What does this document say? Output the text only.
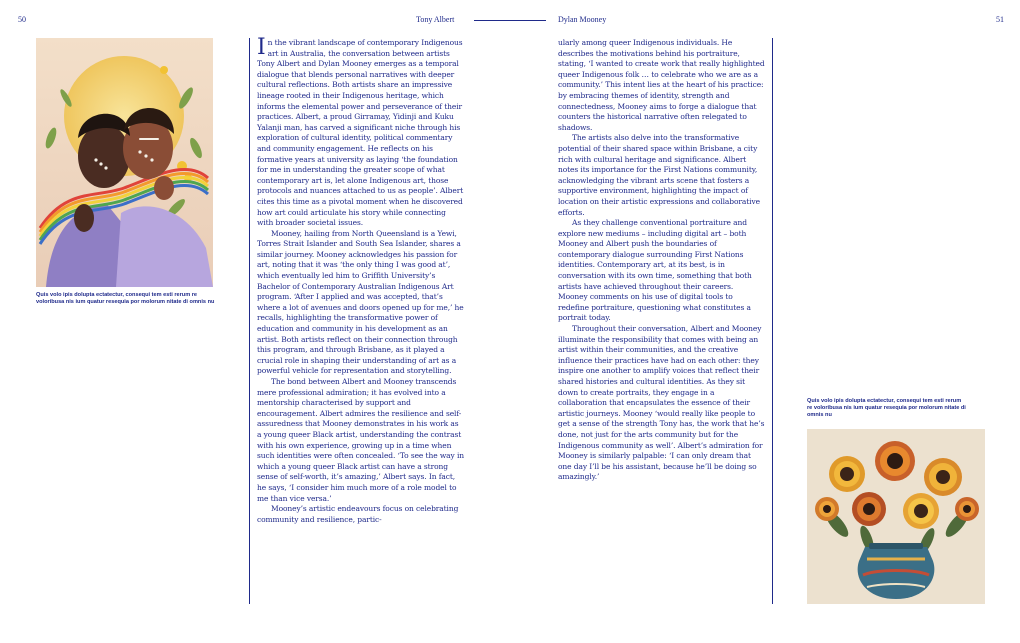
50	Tony Albert
Quis volo ipis dolupta ectatectur, consequi tem esti rerum re voloribusa nis ium quatur resequia por molorum nitate di omnis nu

In the vibrant landscape of contemporary Indigenous art in Australia, the conversation between artists Tony Albert and Dylan Mooney emerges as a temporal dialogue that blends personal narratives with deeper cultural reflections. Both artists share an impressive lineage rooted in their Indigenous heritage, which informs the elemental power and perseverance of their practices. Albert, a proud Girramay, Yidinji and Kuku Yalanji man, has carved a significant niche through his exploration of cultural identity, political commentary and community engagement. He reflects on his formative years at university as laying ‘the foundation for me in understanding the greater scope of what contemporary art is, let alone Indigenous art, those protocols and nuances attached to us as people’. Albert cites this time as a pivotal moment when he discovered how art could articulate his story while connecting with broader societal issues.

Mooney, hailing from North Queensland is a Yewi, Torres Strait Islander and South Sea Islander, shares a similar journey. Mooney acknowledges his passion for art, noting that it was ‘the only thing I was good at’, which eventually led him to Griffith University’s Bachelor of Contemporary Australian Indigenous Art program. ‘After I applied and was accepted, that’s where a lot of avenues and doors opened up for me,’ he recalls, highlighting the transformative power of education and community in his development as an artist. Both artists reflect on their connection through this program, and through Brisbane, as it played a crucial role in shaping their understanding of art as a powerful vehicle for representation and storytelling.

The bond between Albert and Mooney transcends mere professional admiration; it has evolved into a mentorship characterised by support and encouragement. Albert admires the resilience and self-assuredness that Mooney demonstrates in his work as a young queer Black artist, understanding the contrast with his own experience, growing up in a time when such identities were often concealed. ‘To see the way in which a young queer Black artist can have a strong sense of self-worth, it’s amazing,’ Albert says. In fact, he says, ‘I consider him much more of a role model to me than vice versa.’

Mooney’s artistic endeavours focus on celebrating community and resilience, partic-

Dylan Mooney	51

ularly among queer Indigenous individuals. He describes the motivations behind his portraiture, stating, ‘I wanted to create work that really highlighted queer Indigenous folk … to celebrate who we are as a community.’ This intent lies at the heart of his practice: by embracing themes of identity, strength and connectedness, Mooney aims to forge a dialogue that counters the historical narrative often relegated to shadows.

The artists also delve into the transformative potential of their shared space within Brisbane, a city rich with cultural heritage and significance. Albert notes its importance for the First Nations community, acknowledging the vibrant arts scene that fosters a supportive environment, highlighting the impact of location on their artistic expressions and collaborative efforts.

As they challenge conventional portraiture and explore new mediums – including digital art – both Mooney and Albert push the boundaries of contemporary dialogue surrounding First Nations identities. Contemporary art, at its best, is in conversation with its own time, something that both artists have achieved throughout their careers. Mooney comments on his use of digital tools to redefine portraiture, questioning what constitutes a portrait today.

Throughout their conversation, Albert and Mooney illuminate the responsibility that comes with being an artist within their communities, and the creative influence their practices have had on each other: they inspire one another to amplify voices that reflect their shared histories and cultural identities. As they sit down to create portraits, they engage in a collaboration that encapsulates the essence of their artistic journeys. Mooney ‘would really like people to get a sense of the strength Tony has, the work that he’s done, not just for the arts community but for the Indigenous community as well’. Albert’s admiration for Mooney is similarly palpable: ‘I can only dream that one day I’ll be his assistant, because he’ll be doing so amazingly.’

Quis volo ipis dolupta ectatectur, consequi tem esti rerum re voloribusa nis ium quatur resequia por molorum nitate di omnis nu
